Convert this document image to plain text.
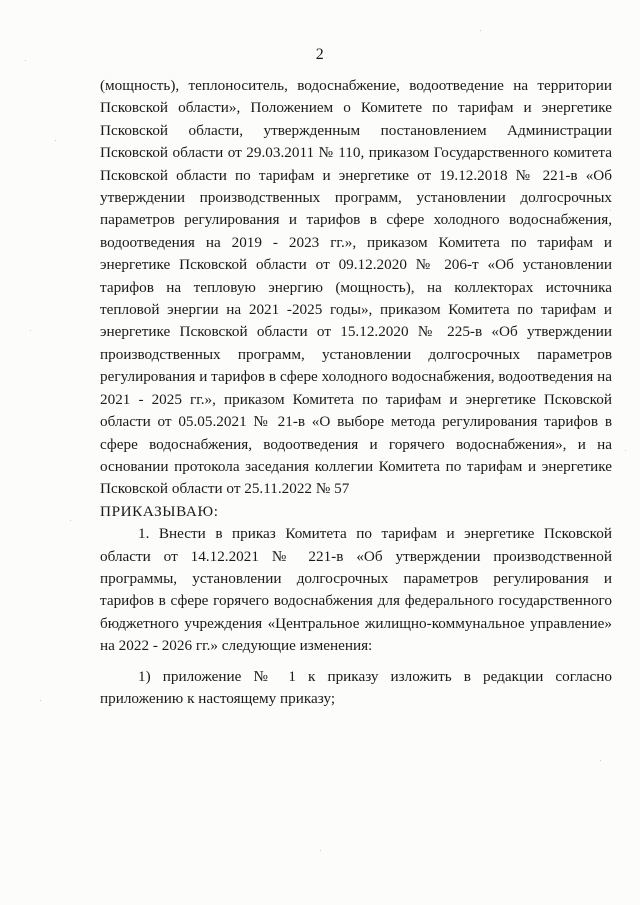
2

(мощность), теплоноситель, водоснабжение, водоотведение на территории Псковской области», Положением о Комитете по тарифам и энергетике Псковской области, утвержденным постановлением Администрации Псковской области от 29.03.2011 № 110, приказом Государственного комитета Псковской области по тарифам и энергетике от 19.12.2018 № 221-в «Об утверждении производственных программ, установлении долгосрочных параметров регулирования и тарифов в сфере холодного водоснабжения, водоотведения на 2019 - 2023 гг.», приказом Комитета по тарифам и энергетике Псковской области от 09.12.2020 № 206-т «Об установлении тарифов на тепловую энергию (мощность), на коллекторах источника тепловой энергии на 2021 -2025 годы», приказом Комитета по тарифам и энергетике Псковской области от 15.12.2020 № 225-в «Об утверждении производственных программ, установлении долгосрочных параметров регулирования и тарифов в сфере холодного водоснабжения, водоотведения на 2021 - 2025 гг.», приказом Комитета по тарифам и энергетике Псковской области от 05.05.2021 № 21-в «О выборе метода регулирования тарифов в сфере водоснабжения, водоотведения и горячего водоснабжения», и на основании протокола заседания коллегии Комитета по тарифам и энергетике Псковской области от 25.11.2022 № 57

ПРИКАЗЫВАЮ:

1. Внести в приказ Комитета по тарифам и энергетике Псковской области от 14.12.2021 № 221-в «Об утверждении производственной программы, установлении долгосрочных параметров регулирования и тарифов в сфере горячего водоснабжения для федерального государственного бюджетного учреждения «Центральное жилищно-коммунальное управление» на 2022 - 2026 гг.» следующие изменения:

1) приложение № 1 к приказу изложить в редакции согласно приложению к настоящему приказу;
